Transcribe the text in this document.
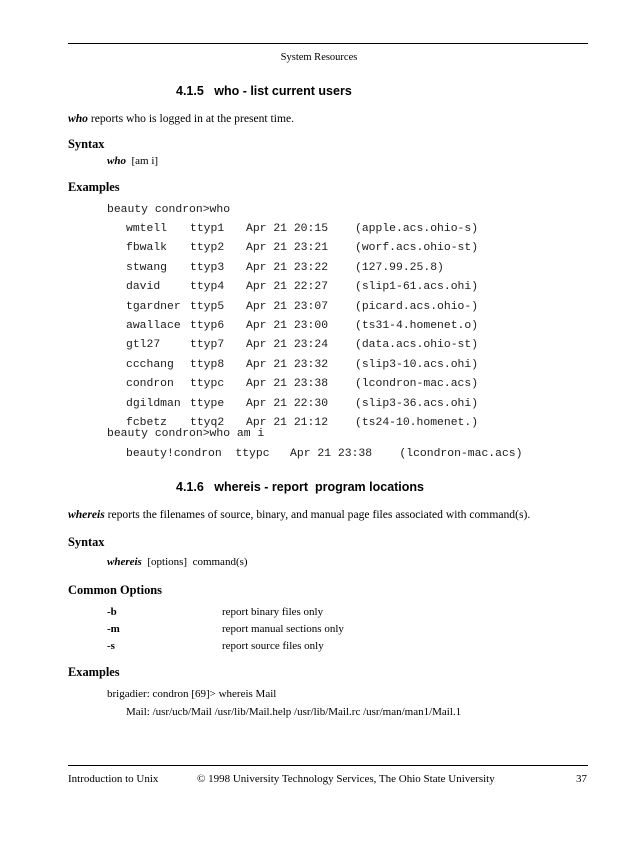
System Resources
4.1.5 who - list current users
who reports who is logged in at the present time.
Syntax
who  [am i]
Examples
beauty condron>who
wmtell ttyp1 Apr 21 20:15 (apple.acs.ohio-s)
fbwalk ttyp2 Apr 21 23:21 (worf.acs.ohio-st)
stwang ttyp3 Apr 21 23:22 (127.99.25.8)
david	ttyp4 Apr 21 22:27 (slip1-61.acs.ohi)
tgardner ttyp5 Apr 21 23:07 (picard.acs.ohio-)
awallace ttyp6 Apr 21 23:00 (ts31-4.homenet.o)
gtl27	ttyp7 Apr 21 23:24 (data.acs.ohio-st)
ccchang ttyp8 Apr 21 23:32 (slip3-10.acs.ohi)
condron ttypc Apr 21 23:38 (lcondron-mac.acs)
dgildman ttype Apr 21 22:30 (slip3-36.acs.ohi)
fcbetz ttyq2 Apr 21 21:12 (ts24-10.homenet.)
beauty condron>who am i
beauty!condron  ttypc   Apr 21 23:38    (lcondron-mac.acs)
4.1.6 whereis - report  program locations
whereis reports the filenames of source, binary, and manual page files associated with command(s).
Syntax
whereis  [options]  command(s)
Common Options
-b	report binary files only
-m	report manual sections only
-s	report source files only
Examples
brigadier: condron [69]> whereis Mail
Mail: /usr/ucb/Mail /usr/lib/Mail.help /usr/lib/Mail.rc /usr/man/man1/Mail.1
Introduction to Unix	© 1998 University Technology Services, The Ohio State University	37
